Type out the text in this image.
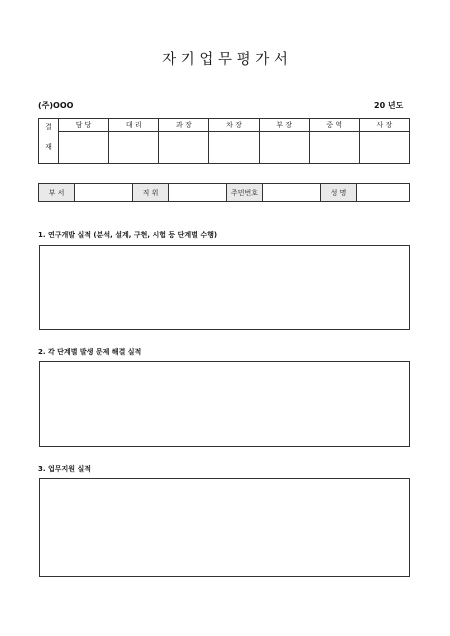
자 기 업 무 평 가 서
(주)OOO	20 년도
결	담 당	대 리	과 장	차 장	부 장	중 역	사 장
재							
부 서		직 위		주민번호		성 명	
1. 연구개발 실적 (분석, 설계, 구현, 시험 등 단계별 수행)
2. 각 단계별 발생 문제 해결 실적
3. 업무지원 실적
